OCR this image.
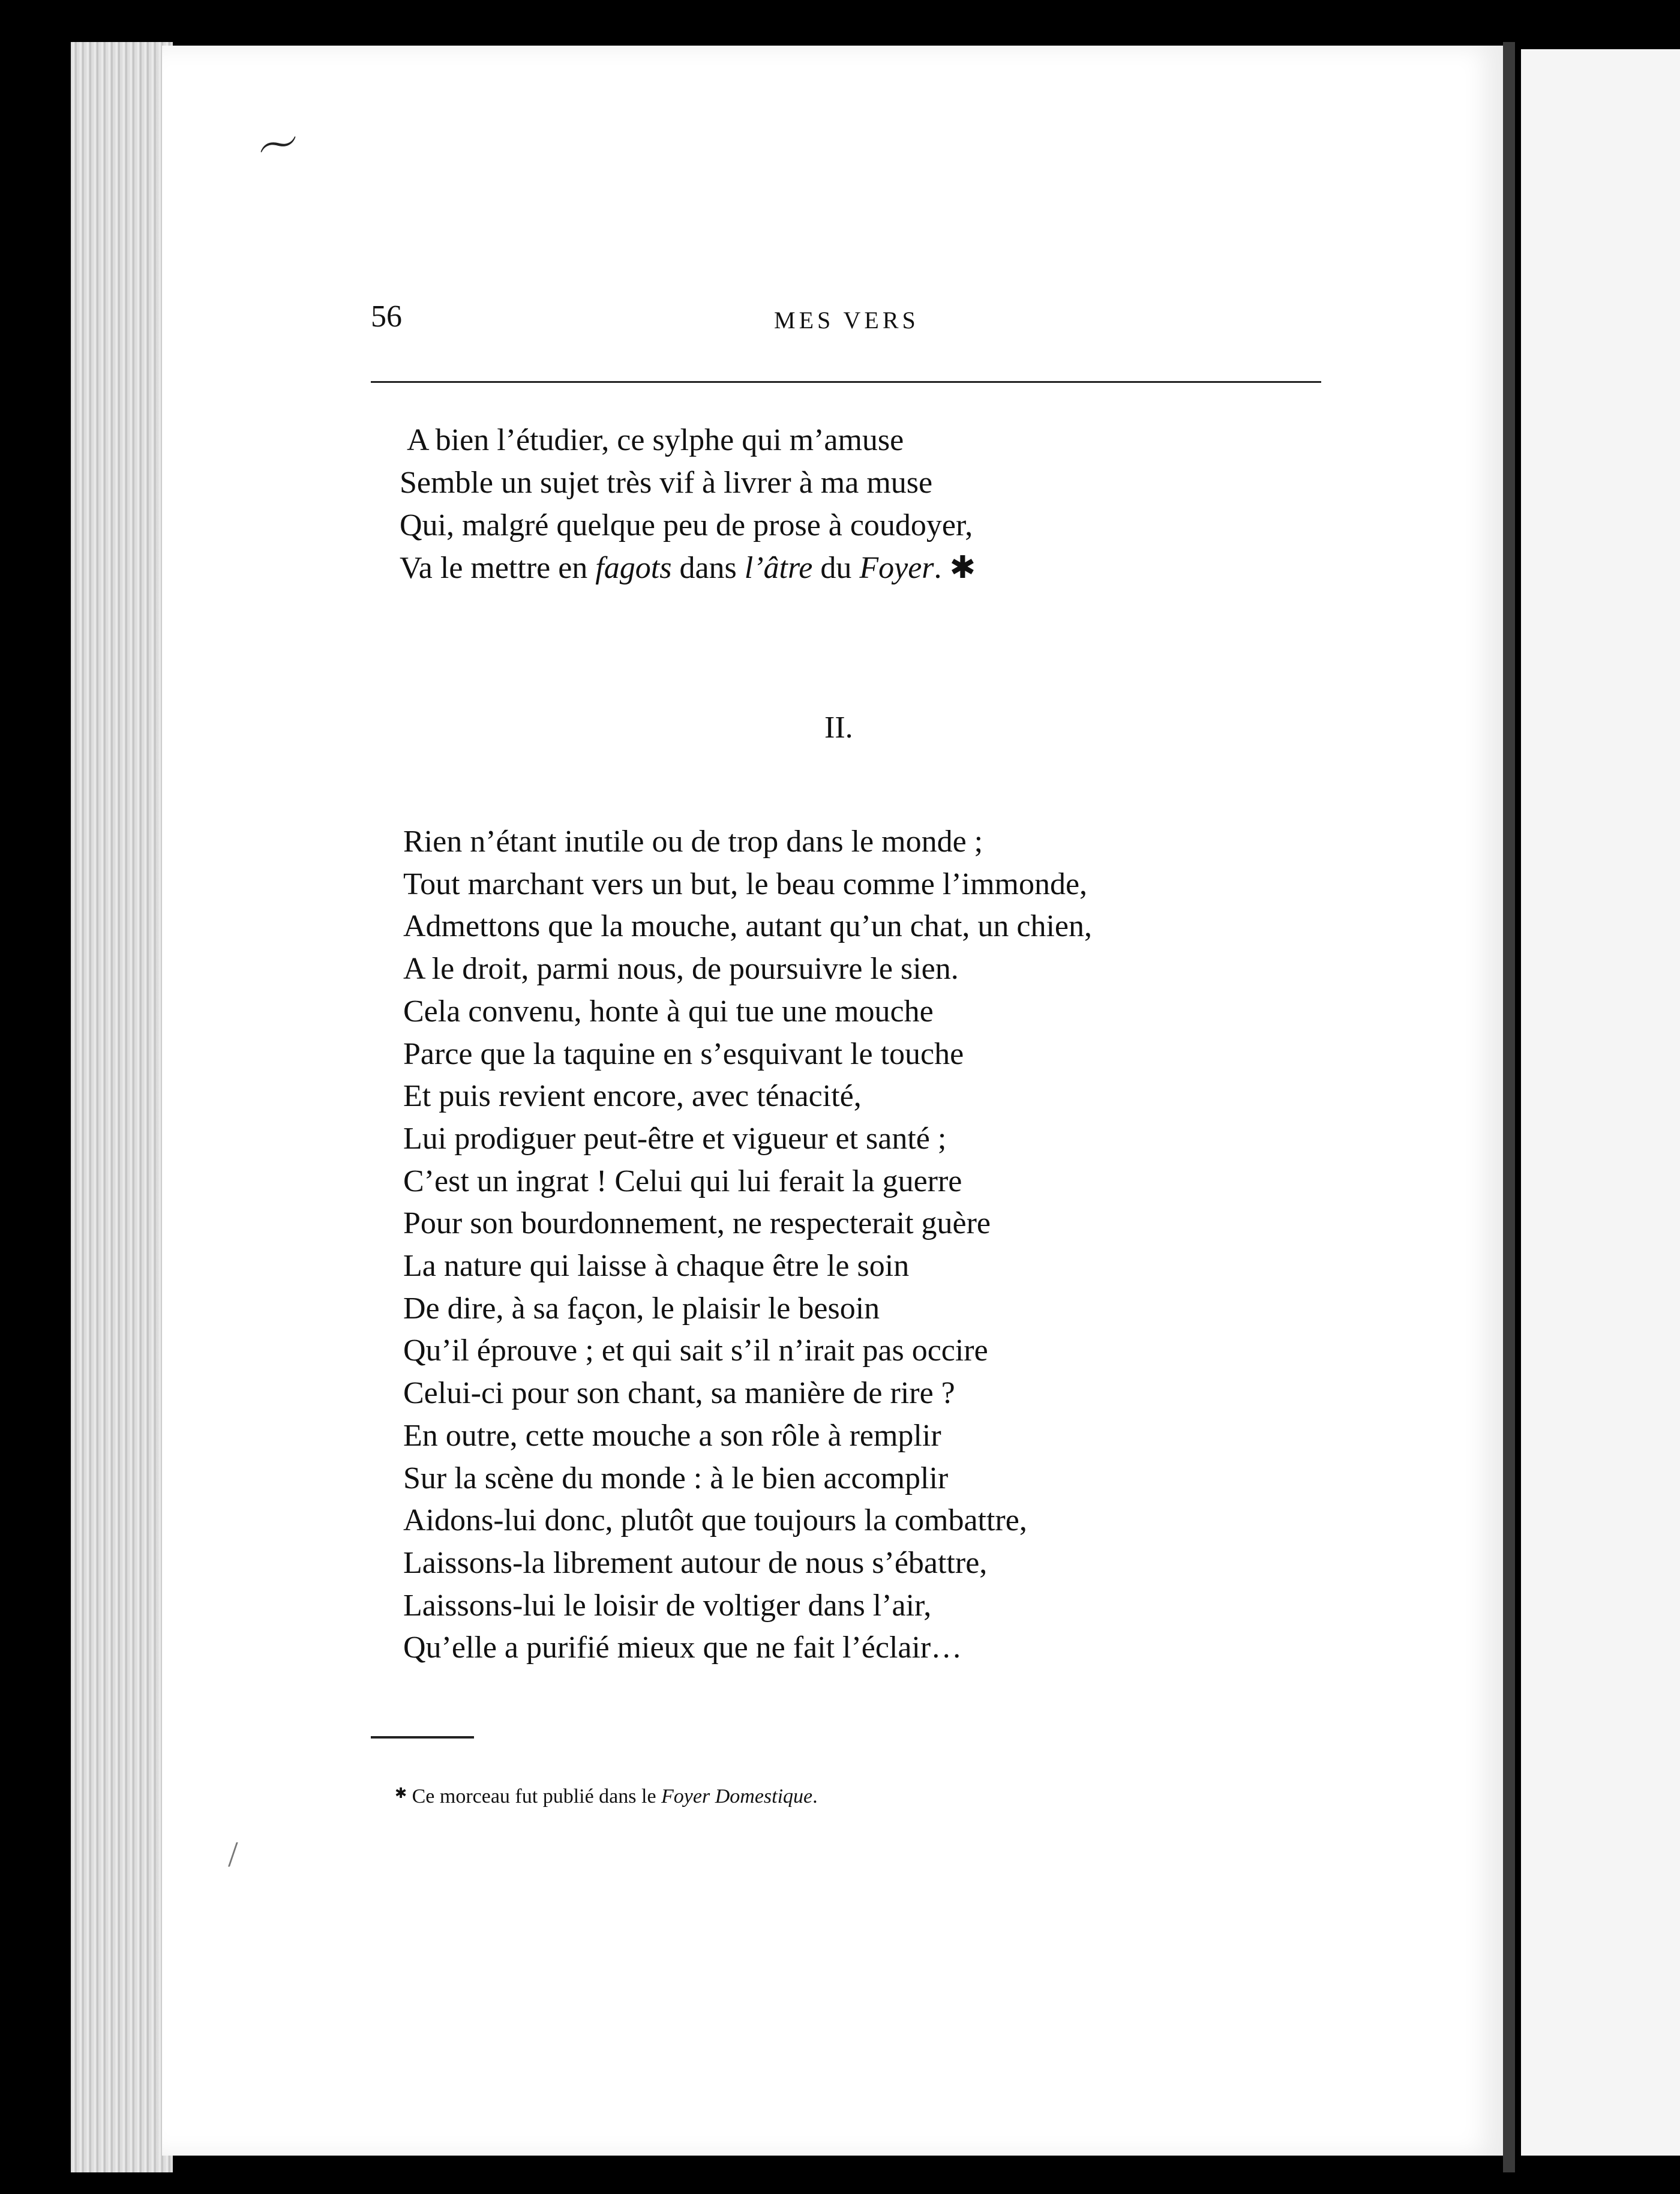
〜
/
56	MES VERS
A bien l’étudier, ce sylphe qui m’amuse
Semble un sujet très vif à livrer à ma muse
Qui, malgré quelque peu de prose à coudoyer,
Va le mettre en fagots dans l’âtre du Foyer. ✱
II.
Rien n’étant inutile ou de trop dans le monde ;
Tout marchant vers un but, le beau comme l’immonde,
Admettons que la mouche, autant qu’un chat, un chien,
A le droit, parmi nous, de poursuivre le sien.
Cela convenu, honte à qui tue une mouche
Parce que la taquine en s’esquivant le touche
Et puis revient encore, avec ténacité,
Lui prodiguer peut-être et vigueur et santé ;
C’est un ingrat ! Celui qui lui ferait la guerre
Pour son bourdonnement, ne respecterait guère
La nature qui laisse à chaque être le soin
De dire, à sa façon, le plaisir le besoin
Qu’il éprouve ; et qui sait s’il n’irait pas occire
Celui-ci pour son chant, sa manière de rire ?
En outre, cette mouche a son rôle à remplir
Sur la scène du monde : à le bien accomplir
Aidons-lui donc, plutôt que toujours la combattre,
Laissons-la librement autour de nous s’ébattre,
Laissons-lui le loisir de voltiger dans l’air,
Qu’elle a purifié mieux que ne fait l’éclair…
✱ Ce morceau fut publié dans le Foyer Domestique.
